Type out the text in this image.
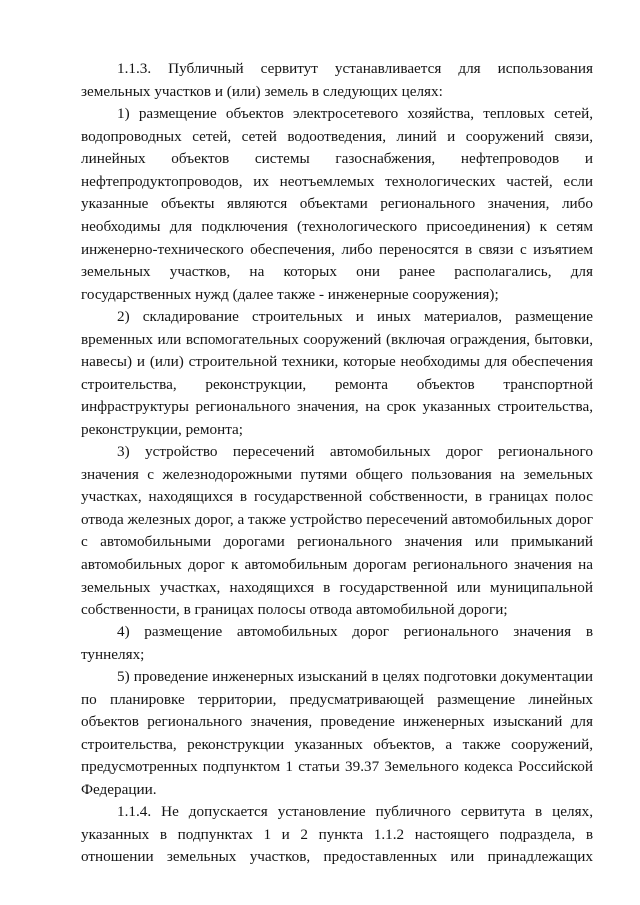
1.1.3. Публичный сервитут устанавливается для использования
земельных участков и (или) земель в следующих целях:
1) размещение объектов электросетевого хозяйства, тепловых сетей,
водопроводных сетей, сетей водоотведения, линий и сооружений связи,
линейных объектов системы газоснабжения, нефтепроводов и
нефтепродуктопроводов, их неотъемлемых технологических частей, если
указанные объекты являются объектами регионального значения, либо
необходимы для подключения (технологического присоединения) к сетям
инженерно-технического обеспечения, либо переносятся в связи с изъятием
земельных участков, на которых они ранее располагались, для
государственных нужд (далее также - инженерные сооружения);
2) складирование строительных и иных материалов, размещение
временных или вспомогательных сооружений (включая ограждения, бытовки,
навесы) и (или) строительной техники, которые необходимы для обеспечения
строительства, реконструкции, ремонта объектов транспортной
инфраструктуры регионального значения, на срок указанных строительства,
реконструкции, ремонта;
3) устройство пересечений автомобильных дорог регионального
значения с железнодорожными путями общего пользования на земельных
участках, находящихся в государственной собственности, в границах полос
отвода железных дорог, а также устройство пересечений автомобильных дорог
с автомобильными дорогами регионального значения или примыканий
автомобильных дорог к автомобильным дорогам регионального значения на
земельных участках, находящихся в государственной или муниципальной
собственности, в границах полосы отвода автомобильной дороги;
4) размещение автомобильных дорог регионального значения в
туннелях;
5) проведение инженерных изысканий в целях подготовки документации
по планировке территории, предусматривающей размещение линейных
объектов регионального значения, проведение инженерных изысканий для
строительства, реконструкции указанных объектов, а также сооружений,
предусмотренных подпунктом 1 статьи 39.37 Земельного кодекса Российской
Федерации.
1.1.4. Не допускается установление публичного сервитута в целях,
указанных в подпунктах 1 и 2 пункта 1.1.2 настоящего подраздела, в
отношении земельных участков, предоставленных или принадлежащих
